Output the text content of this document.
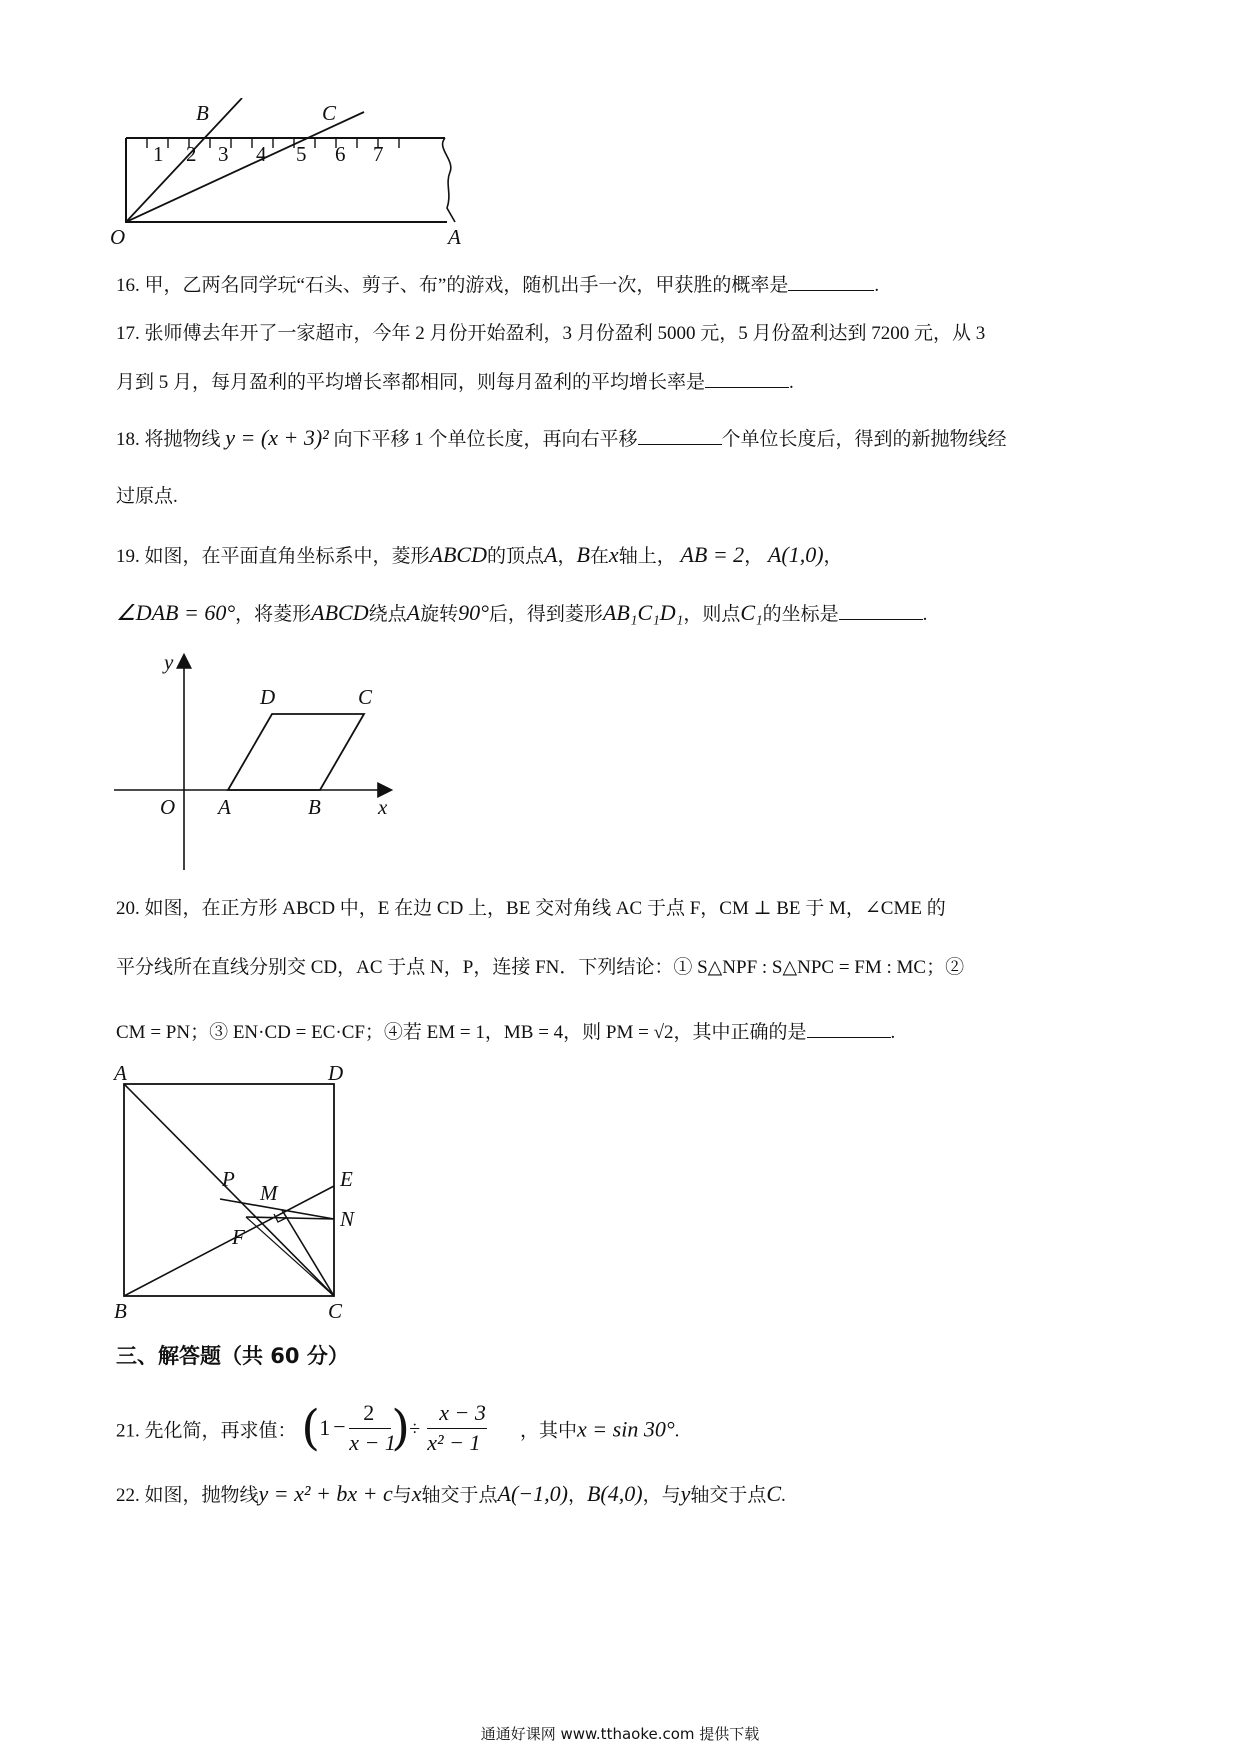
1 2 3 4 5 6 7
B	C
O	A
16. 甲，乙两名同学玩“石头、剪子、布”的游戏，随机出手一次，甲获胜的概率是	.
17. 张师傅去年开了一家超市，今年 2 月份开始盈利，3 月份盈利 5000 元，5 月份盈利达到 7200 元，从 3
月到 5 月，每月盈利的平均增长率都相同，则每月盈利的平均增长率是	.
18. 将抛物线 y = (x + 3)² 向下平移 1 个单位长度，再向右平移	个单位长度后，得到的新抛物线经
过原点.
19. 如图，在平面直角坐标系中，菱形ABCD的顶点A，B在x轴上， AB = 2， A(1,0)，
∠DAB = 60°，将菱形ABCD绕点A旋转90°后，得到菱形AB₁C₁D₁，则点C₁的坐标是	.
y
x
O A	B
D	C
20. 如图，在正方形 ABCD 中，E 在边 CD 上，BE 交对角线 AC 于点 F，CM ⊥ BE 于 M，∠CME 的
平分线所在直线分别交 CD，AC 于点 N，P，连接 FN．下列结论：① S△NPF : S△NPC = FM : MC；②
CM = PN；③ EN·CD = EC·CF；④若 EM = 1，MB = 4，则 PM = √2，其中正确的是	.
A	D
B	C
E
N
P
M
F
三、解答题（共 60 分）
21. 先化简，再求值： ( 1 −
2
x − 1
) ÷
x − 3
x² − 1 ，其中x = sin 30°.
22. 如图，抛物线y = x² + bx + c与x轴交于点A(−1,0)，B(4,0)，与y轴交于点C.
通通好课网 www.tthaoke.com 提供下载
